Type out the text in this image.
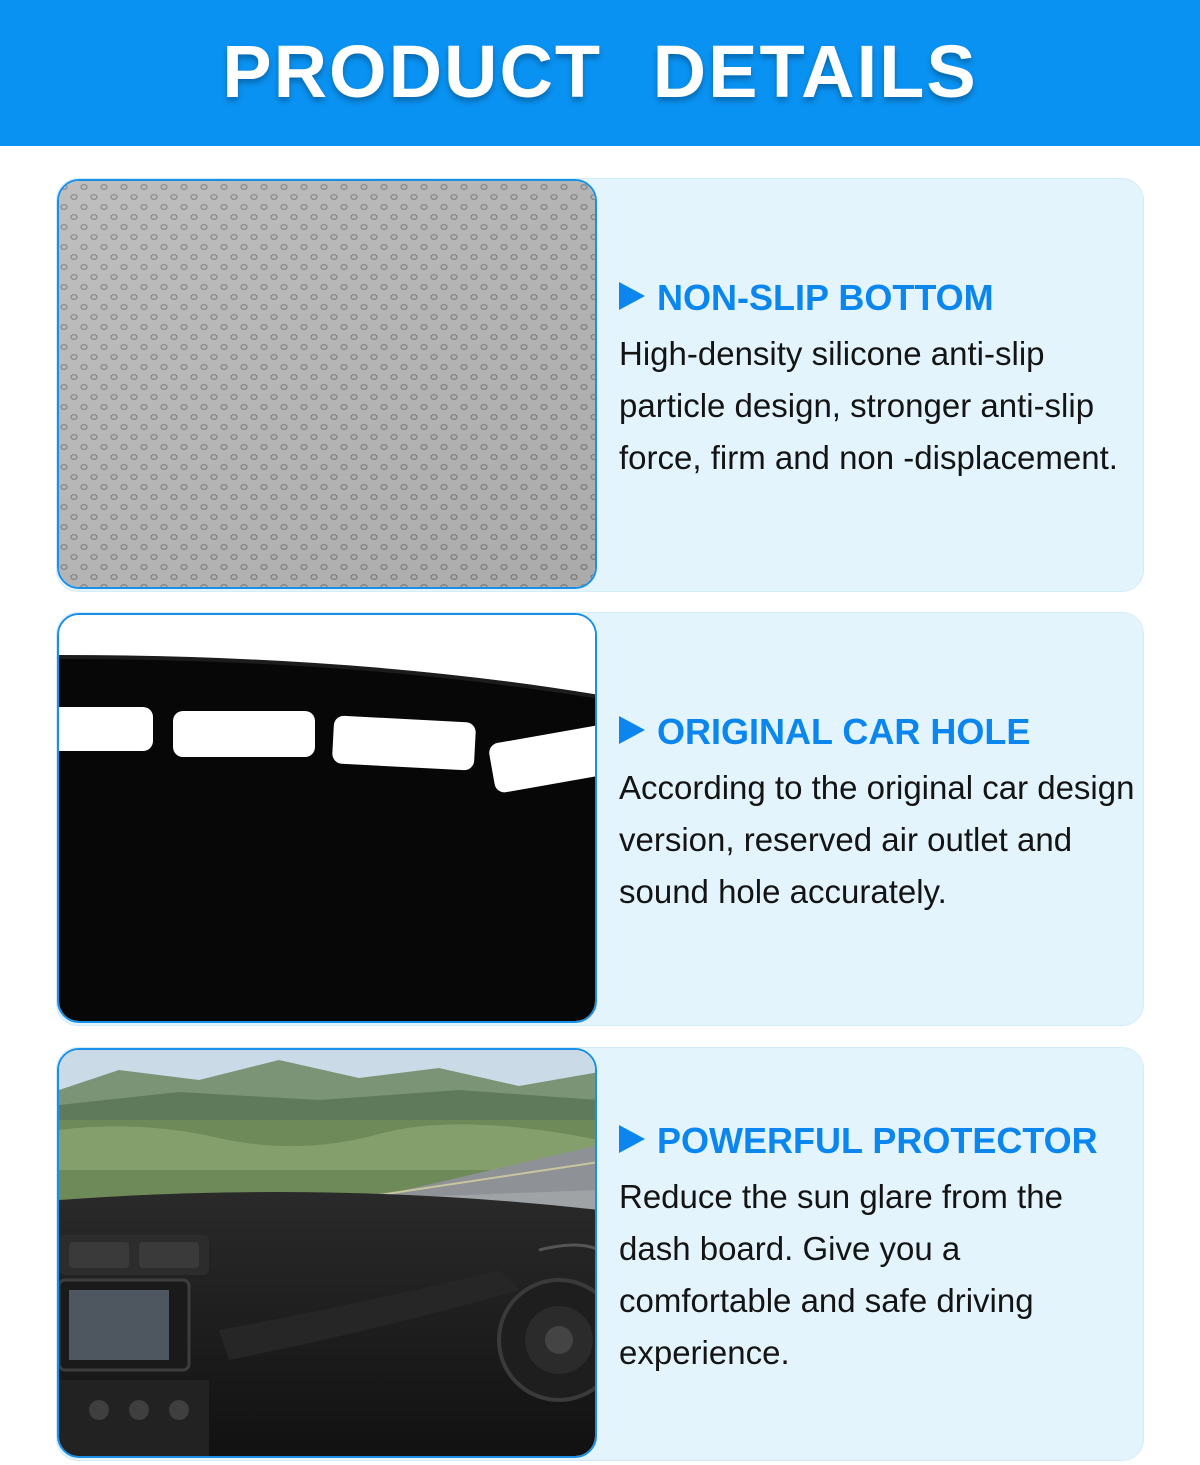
PRODUCT DETAILS
NON-SLIP BOTTOM
High-density silicone anti-slip particle design, stronger anti-slip force, firm and non -displacement.
ORIGINAL CAR HOLE
According to the original car design version, reserved air outlet and sound hole accurately.
POWERFUL PROTECTOR
Reduce the sun glare from the dash board. Give you a comfortable and safe driving experience.
